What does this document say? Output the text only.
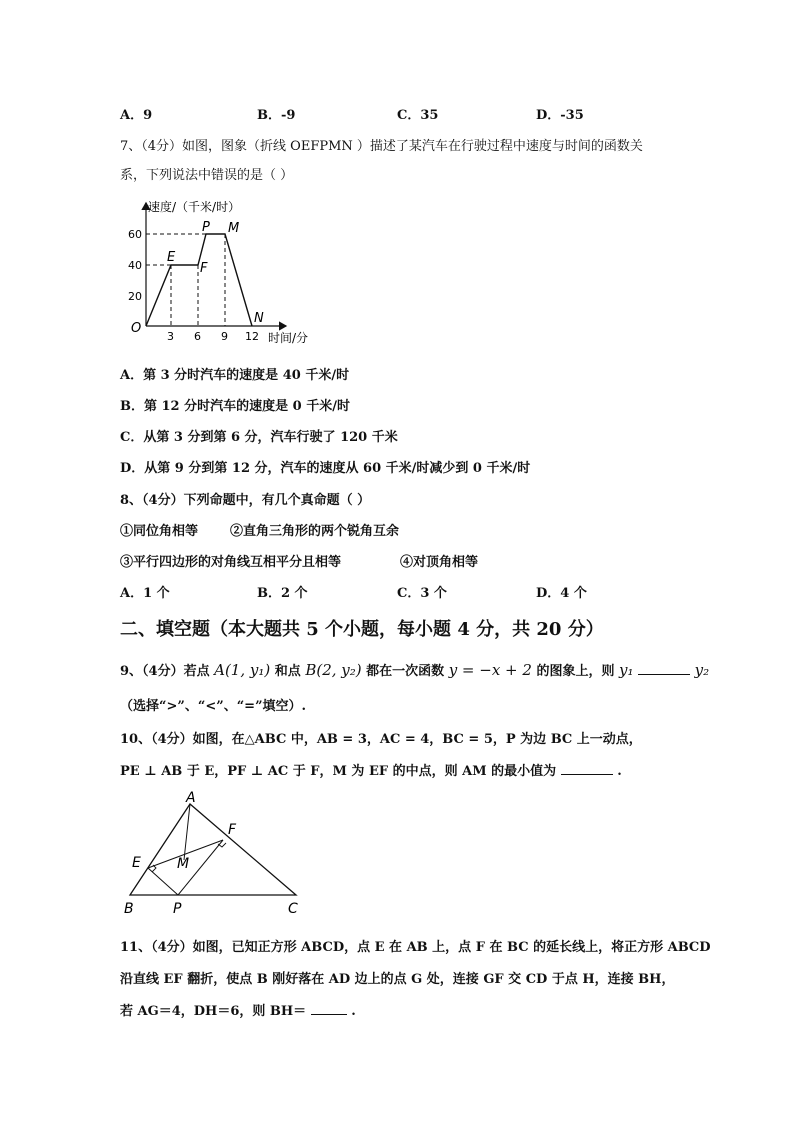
A．9	B．-9	C．35	D．-35
7、（4分）如图，图象（折线 OEFPMN ）描述了某汽车在行驶过程中速度与时间的函数关
系，下列说法中错误的是（ ）
速度/（千米/时）
60
40
20
O
3 6 9 12 时间/分
E
F
P M
N
A．第 3 分时汽车的速度是 40 千米/时
B．第 12 分时汽车的速度是 0 千米/时
C．从第 3 分到第 6 分，汽车行驶了 120 千米
D．从第 9 分到第 12 分，汽车的速度从 60 千米/时减少到 0 千米/时
8、（4分）下列命题中，有几个真命题（ ）
①同位角相等 ②直角三角形的两个锐角互余
③平行四边形的对角线互相平分且相等	④对顶角相等
A．1 个	B．2 个	C．3 个	D．4 个
二、填空题（本大题共 5 个小题，每小题 4 分，共 20 分）
9、（4分）若点 A(1, y₁) 和点 B(2, y₂) 都在一次函数 y = −x + 2 的图象上，则 y₁	y₂
（选择“>”、“<”、“=”填空）.
10、（4分）如图，在△ABC 中，AB = 3，AC = 4，BC = 5，P 为边 BC 上一动点，
PE ⊥ AB 于 E，PF ⊥ AC 于 F，M 为 EF 的中点，则 AM 的最小值为	.
A
F
E	M
B	P	C
11、（4分）如图，已知正方形 ABCD，点 E 在 AB 上，点 F 在 BC 的延长线上，将正方形 ABCD
沿直线 EF 翻折，使点 B 刚好落在 AD 边上的点 G 处，连接 GF 交 CD 于点 H，连接 BH，
若 AG＝4，DH＝6，则 BH＝	.
